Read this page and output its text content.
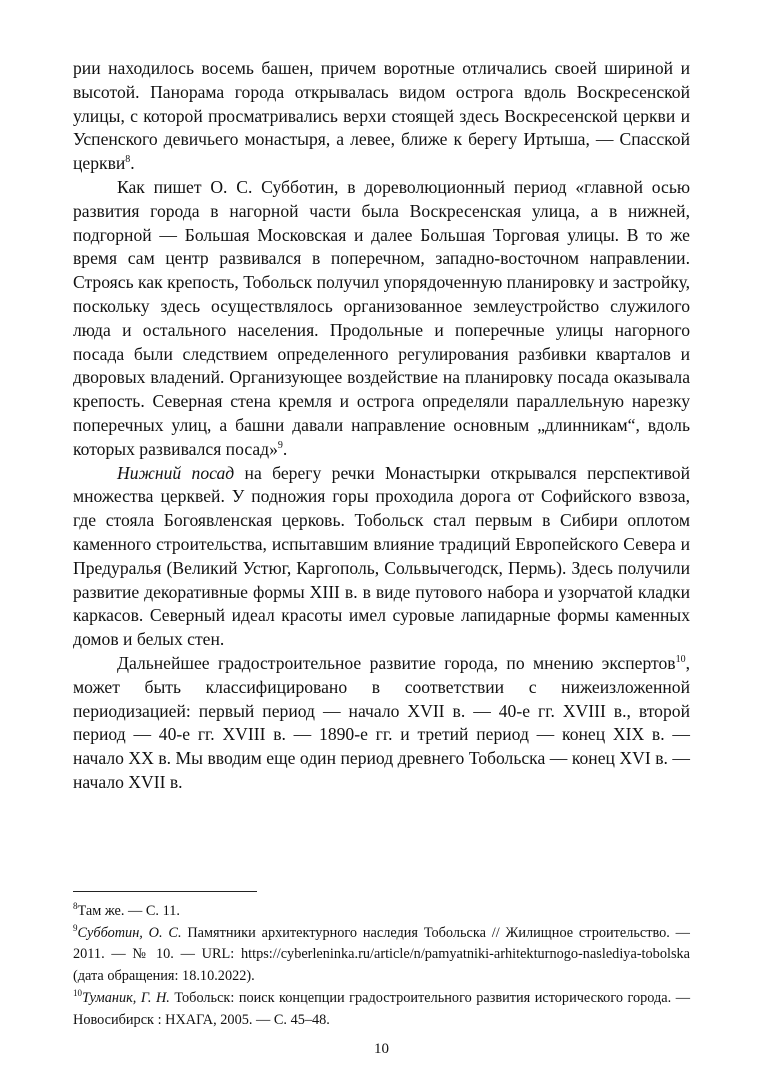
рии находилось восемь башен, причем воротные отличались своей шириной и высотой. Панорама города открывалась видом острога вдоль Воскресенской улицы, с которой просматривались верхи стоящей здесь Воскресенской церкви и Успенского девичьего монастыря, а левее, ближе к берегу Иртыша, — Спасской церкви$^8$.

Как пишет О. С. Субботин, в дореволюционный период «главной осью развития города в нагорной части была Воскресенская улица, а в нижней, подгорной — Большая Московская и далее Большая Торговая улицы. В то же время сам центр развивался в поперечном, западно-восточном направлении. Строясь как крепость, Тобольск получил упорядоченную планировку и застройку, поскольку здесь осуществлялось организованное землеустройство служилого люда и остального населения. Продольные и поперечные улицы нагорного посада были следствием определенного регулирования разбивки кварталов и дворовых владений. Организующее воздействие на планировку посада оказывала крепость. Северная стена кремля и острога определяли параллельную нарезку поперечных улиц, а башни давали направление основным „длинникам“, вдоль которых развивался посад»$^9$.

Нижний посад на берегу речки Монастырки открывался перспективой множества церквей. У подножия горы проходила дорога от Софийского взвоза, где стояла Богоявленская церковь. Тобольск стал первым в Сибири оплотом каменного строительства, испытавшим влияние традиций Европейского Севера и Предуралья (Великий Устюг, Каргополь, Сольвычегодск, Пермь). Здесь получили развитие декоративные формы XIII в. в виде путового набора и узорчатой кладки каркасов. Северный идеал красоты имел суровые лапидарные формы каменных домов и белых стен.

Дальнейшее градостроительное развитие города, по мнению экспертов$^{10}$, может быть классифицировано в соответствии с нижеизложенной периодизацией: первый период — начало XVII в. — 40-е гг. XVIII в., второй период — 40-е гг. XVIII в. — 1890-е гг. и третий период — конец XIX в. — начало XX в. Мы вводим еще один период древнего Тобольска — конец XVI в. — начало XVII в.

$^8$Там же. — С. 11.

$^9$Субботин, О. С. Памятники архитектурного наследия Тобольска // Жилищное строительство. — 2011. — № 10. — URL: https://cyberleninka.ru/article/n/pamyatniki-arhitekturnogo-naslediya-tobolska (дата обращения: 18.10.2022).

$^{10}$Туманик, Г. Н. Тобольск: поиск концепции градостроительного развития исторического города. — Новосибирск : НХАГА, 2005. — С. 45–48.

10
